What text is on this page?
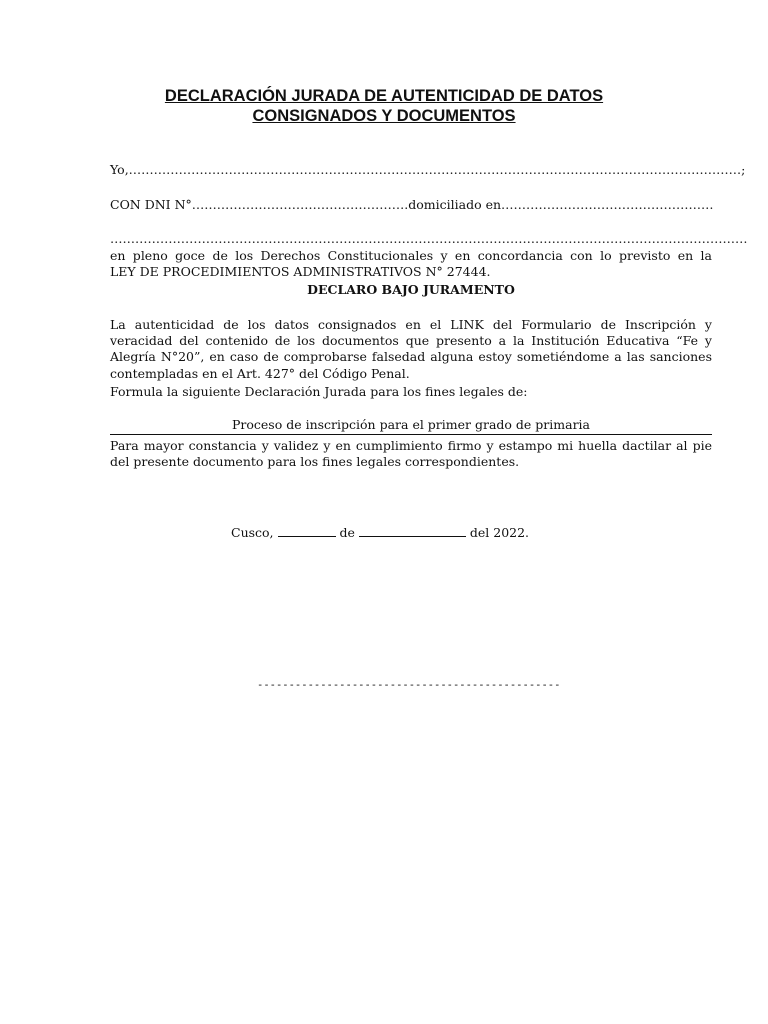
DECLARACIÓN JURADA DE AUTENTICIDAD DE DATOS
CONSIGNADOS Y DOCUMENTOS
Yo,…………………………………………………………………………………………………………………………………;
CON DNI N°…………………………………………….domiciliado en……………………………………………
………………………………………………………………………………………………………………………………………
en pleno goce de los Derechos Constitucionales y en concordancia con lo previsto en la
LEY DE PROCEDIMIENTOS ADMINISTRATIVOS N° 27444.
DECLARO BAJO JURAMENTO
La autenticidad de los datos consignados en el LINK del Formulario de Inscripción y veracidad del contenido de los documentos que presento a la Institución Educativa “Fe y Alegría N°20”, en caso de comprobarse falsedad alguna estoy sometiéndome a las sanciones contempladas en el Art. 427° del Código Penal.
Formula la siguiente Declaración Jurada para los fines legales de:
Proceso de inscripción para el primer grado de primaria
Para mayor constancia y validez y en cumplimiento firmo y estampo mi huella dactilar al pie del presente documento para los fines legales correspondientes.
Cusco,	de	del 2022.
------------------------------------------------
